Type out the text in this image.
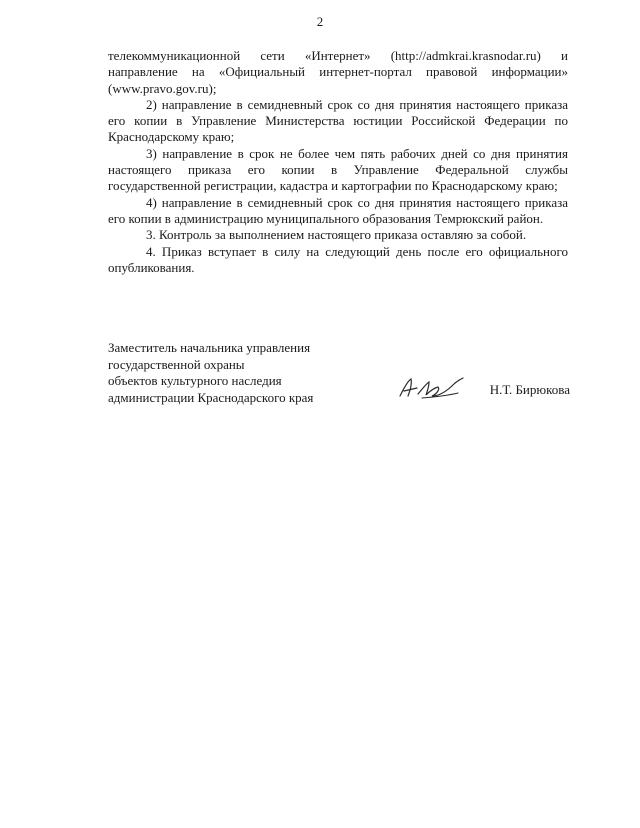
2

телекоммуникационной сети «Интернет» (http://admkrai.krasnodar.ru) и направление на «Официальный интернет-портал правовой информации» (www.pravo.gov.ru);

2) направление в семидневный срок со дня принятия настоящего приказа его копии в Управление Министерства юстиции Российской Федерации по Краснодарскому краю;

3) направление в срок не более чем пять рабочих дней со дня принятия настоящего приказа его копии в Управление Федеральной службы государственной регистрации, кадастра и картографии по Краснодарскому краю;

4) направление в семидневный срок со дня принятия настоящего приказа его копии в администрацию муниципального образования Темрюкский район.

3. Контроль за выполнением настоящего приказа оставляю за собой.

4. Приказ вступает в силу на следующий день после его официального опубликования.

Заместитель начальника управления
государственной охраны
объектов культурного наследия
администрации Краснодарского края	Н.Т. Бирюкова
